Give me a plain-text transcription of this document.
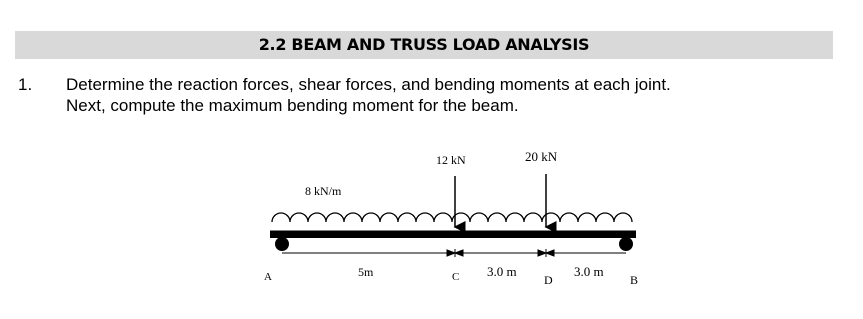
2.2 BEAM AND TRUSS LOAD ANALYSIS
1. Determine the reaction forces, shear forces, and bending moments at each joint.
Next, compute the maximum bending moment for the beam.
8 kN/m
12 kN	20 kN
A	C	D	B
5m	3.0 m	3.0 m
